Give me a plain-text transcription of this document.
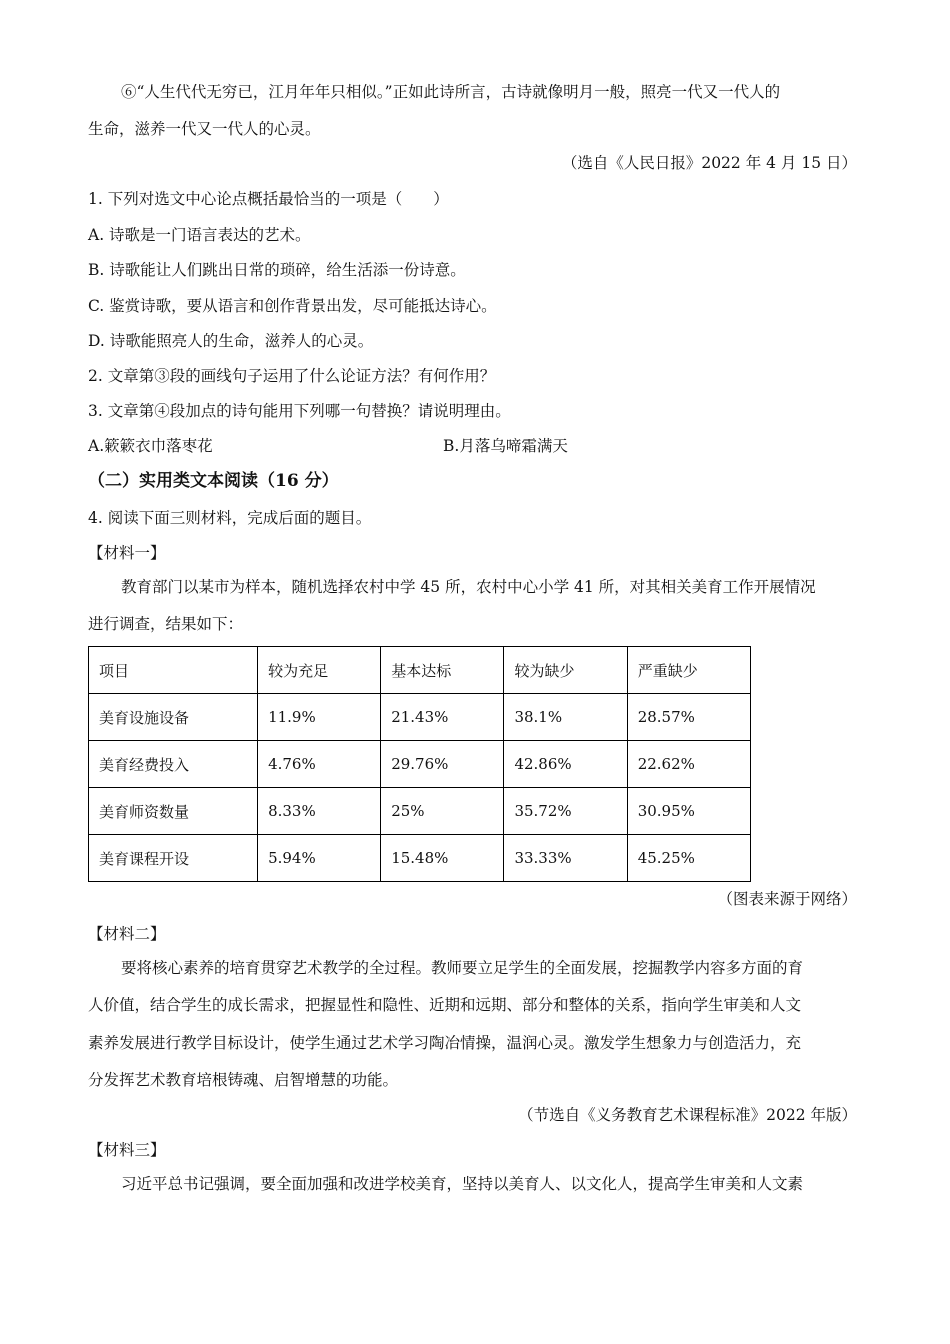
⑥“人生代代无穷已，江月年年只相似。”正如此诗所言，古诗就像明月一般，照亮一代又一代人的
生命，滋养一代又一代人的心灵。
（选自《人民日报》2022 年 4 月 15 日）
1. 下列对选文中心论点概括最恰当的一项是（　　）
A. 诗歌是一门语言表达的艺术。
B. 诗歌能让人们跳出日常的琐碎，给生活添一份诗意。
C. 鉴赏诗歌，要从语言和创作背景出发，尽可能抵达诗心。
D. 诗歌能照亮人的生命，滋养人的心灵。
2. 文章第③段的画线句子运用了什么论证方法？有何作用？
3. 文章第④段加点的诗句能用下列哪一句替换？请说明理由。
A.簌簌衣巾落枣花	B.月落乌啼霜满天
（二）实用类文本阅读（16 分）
4. 阅读下面三则材料，完成后面的题目。
【材料一】
教育部门以某市为样本，随机选择农村中学 45 所，农村中心小学 41 所，对其相关美育工作开展情况
进行调查，结果如下：
项目	较为充足	基本达标	较为缺少	严重缺少
美育设施设备	11.9%	21.43%	38.1%	28.57%
美育经费投入	4.76%	29.76%	42.86%	22.62%
美育师资数量	8.33%	25%	35.72%	30.95%
美育课程开设	5.94%	15.48%	33.33%	45.25%
（图表来源于网络）
【材料二】
要将核心素养的培育贯穿艺术教学的全过程。教师要立足学生的全面发展，挖掘教学内容多方面的育
人价值，结合学生的成长需求，把握显性和隐性、近期和远期、部分和整体的关系，指向学生审美和人文
素养发展进行教学目标设计，使学生通过艺术学习陶冶情操，温润心灵。激发学生想象力与创造活力，充
分发挥艺术教育培根铸魂、启智增慧的功能。
（节选自《义务教育艺术课程标准》2022 年版）
【材料三】
习近平总书记强调，要全面加强和改进学校美育，坚持以美育人、以文化人，提高学生审美和人文素
